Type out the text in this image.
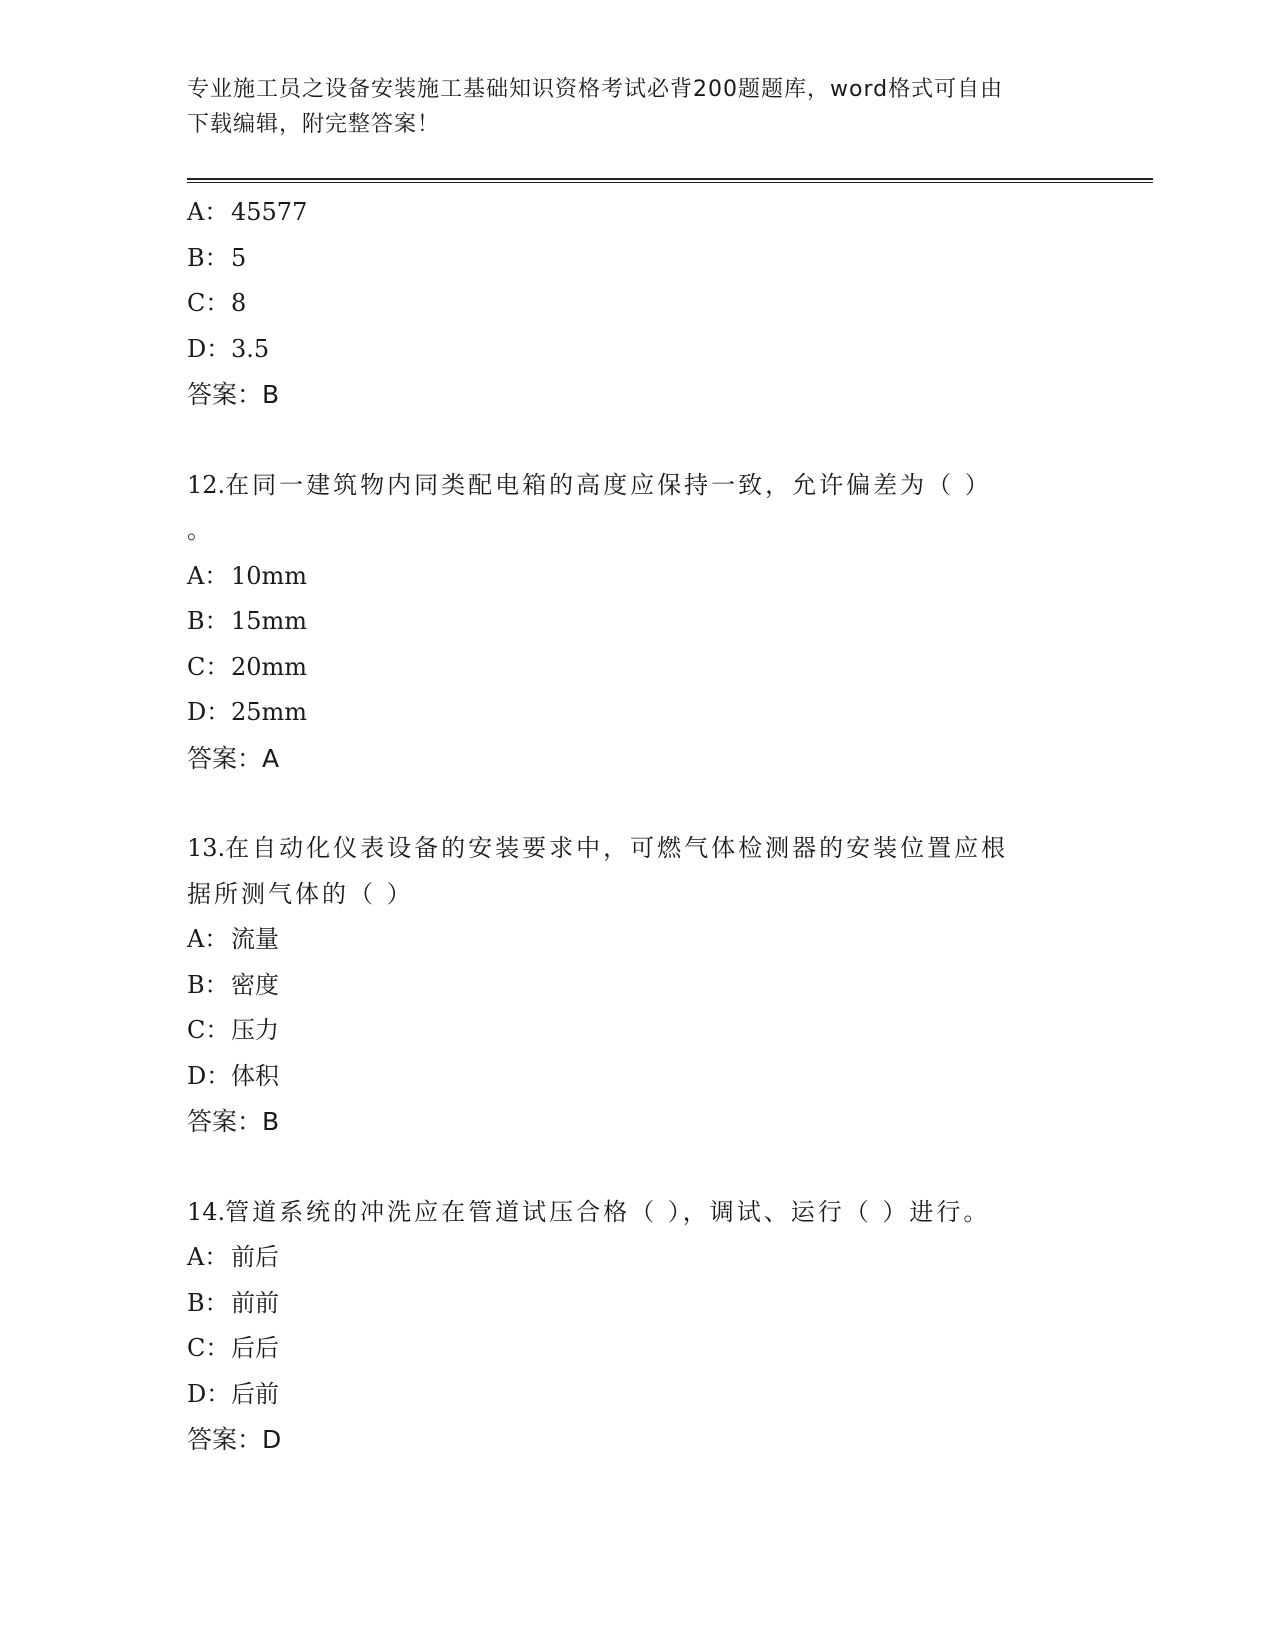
专业施工员之设备安装施工基础知识资格考试必背200题题库，word格式可自由
下载编辑，附完整答案！
A： 45577
B：5
C：8
D：3.5
答案：B
12.在同一建筑物内同类配电箱的高度应保持一致，允许偏差为（ ）
。
A： 10mm
B：15mm
C：20mm
D：25mm
答案：A
13.在自动化仪表设备的安装要求中，可燃气体检测器的安装位置应根
据所测气体的（ ）
A： 流量
B：密度
C：压力
D：体积
答案：B
14.管道系统的冲洗应在管道试压合格（ ），调试、运行（ ）进行。
A： 前后
B：前前
C：后后
D：后前
答案：D
